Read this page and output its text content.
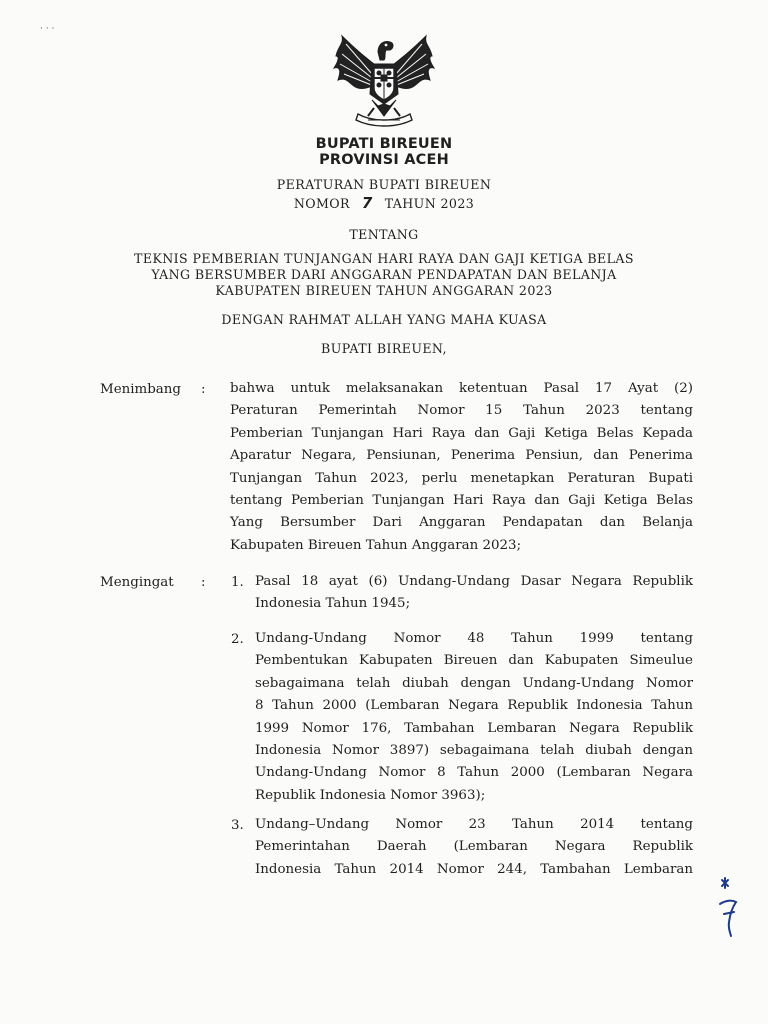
BUPATI BIREUEN
PROVINSI ACEH
PERATURAN BUPATI BIREUEN
NOMOR 7 TAHUN 2023
TENTANG
TEKNIS PEMBERIAN TUNJANGAN HARI RAYA DAN GAJI KETIGA BELAS
YANG BERSUMBER DARI ANGGARAN PENDAPATAN DAN BELANJA
KABUPATEN BIREUEN TAHUN ANGGARAN 2023
DENGAN RAHMAT ALLAH YANG MAHA KUASA
BUPATI BIREUEN,
Menimbang : bahwa untuk melaksanakan ketentuan Pasal 17 Ayat (2)
Peraturan Pemerintah Nomor 15 Tahun 2023 tentang
Pemberian Tunjangan Hari Raya dan Gaji Ketiga Belas Kepada
Aparatur Negara, Pensiunan, Penerima Pensiun, dan Penerima
Tunjangan Tahun 2023, perlu menetapkan Peraturan Bupati
tentang Pemberian Tunjangan Hari Raya dan Gaji Ketiga Belas
Yang Bersumber Dari Anggaran Pendapatan dan Belanja
Kabupaten Bireuen Tahun Anggaran 2023;
Mengingat : 1. Pasal 18 ayat (6) Undang-Undang Dasar Negara Republik
Indonesia Tahun 1945;
2. Undang-Undang Nomor 48 Tahun 1999 tentang
Pembentukan Kabupaten Bireuen dan Kabupaten Simeulue
sebagaimana telah diubah dengan Undang-Undang Nomor
8 Tahun 2000 (Lembaran Negara Republik Indonesia Tahun
1999 Nomor 176, Tambahan Lembaran Negara Republik
Indonesia Nomor 3897) sebagaimana telah diubah dengan
Undang-Undang Nomor 8 Tahun 2000 (Lembaran Negara
Republik Indonesia Nomor 3963);
3. Undang–Undang Nomor 23 Tahun 2014 tentang
Pemerintahan Daerah (Lembaran Negara Republik
Indonesia Tahun 2014 Nomor 244, Tambahan Lembaran
· · ·
